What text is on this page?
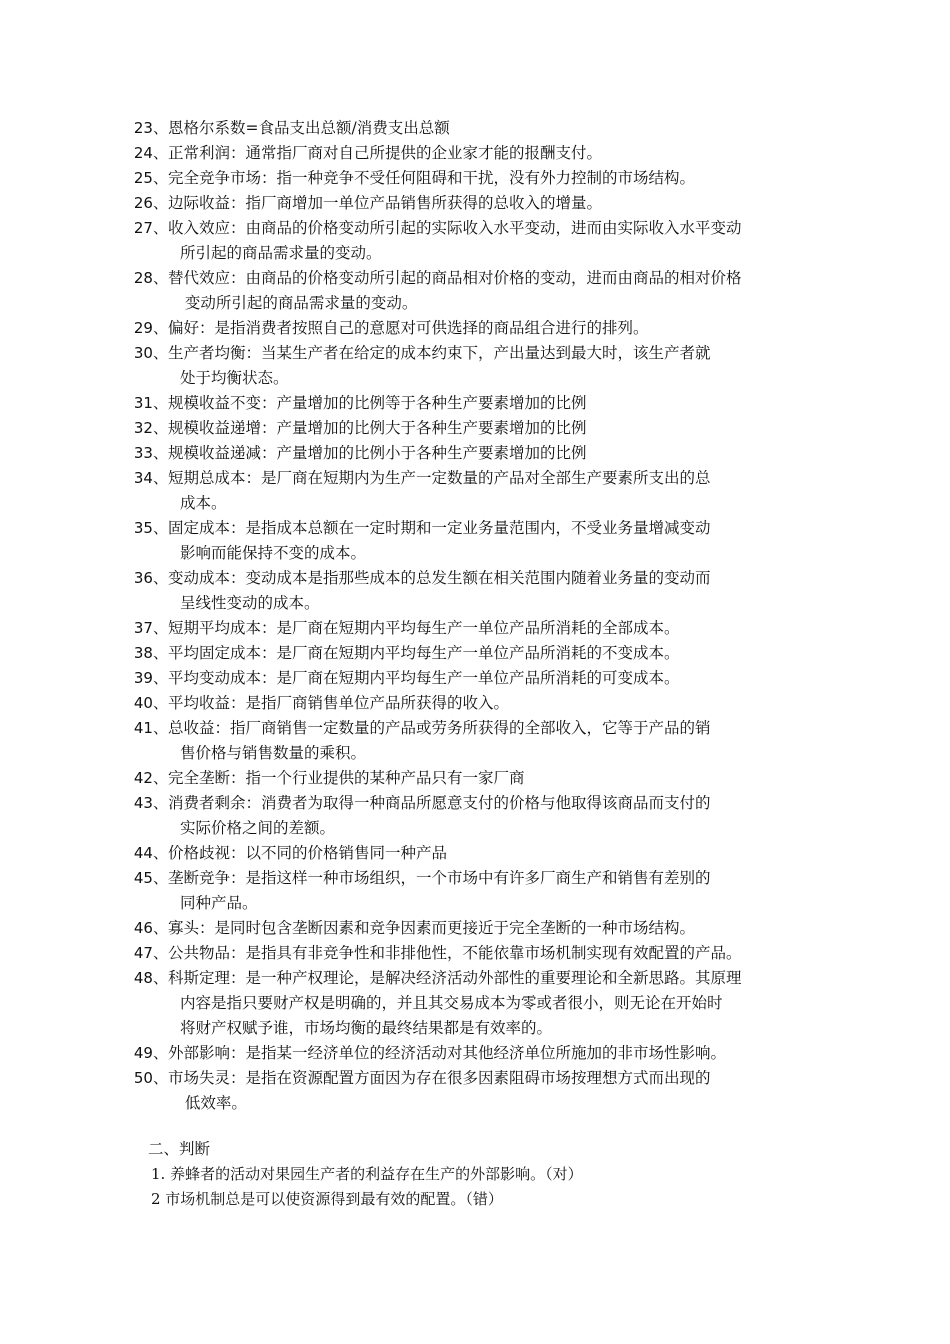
23、 恩格尔系数=食品支出总额/消费支出总额
24、 正常利润：通常指厂商对自己所提供的企业家才能的报酬支付。
25、 完全竞争市场：指一种竞争不受任何阻碍和干扰，没有外力控制的市场结构。
26、 边际收益：指厂商增加一单位产品销售所获得的总收入的增量。
27、 收入效应：由商品的价格变动所引起的实际收入水平变动，进而由实际收入水平变动
所引起的商品需求量的变动。
28、 替代效应：由商品的价格变动所引起的商品相对价格的变动，进而由商品的相对价格
变动所引起的商品需求量的变动。
29、 偏好：是指消费者按照自己的意愿对可供选择的商品组合进行的排列。
30、 生产者均衡：当某生产者在给定的成本约束下，产出量达到最大时，该生产者就
处于均衡状态。
31、 规模收益不变：产量增加的比例等于各种生产要素增加的比例
32、 规模收益递增：产量增加的比例大于各种生产要素增加的比例
33、 规模收益递减：产量增加的比例小于各种生产要素增加的比例
34、 短期总成本：是厂商在短期内为生产一定数量的产品对全部生产要素所支出的总
成本。
35、 固定成本：是指成本总额在一定时期和一定业务量范围内，不受业务量增减变动
影响而能保持不变的成本。
36、 变动成本：变动成本是指那些成本的总发生额在相关范围内随着业务量的变动而
呈线性变动的成本。
37、 短期平均成本：是厂商在短期内平均每生产一单位产品所消耗的全部成本。
38、 平均固定成本：是厂商在短期内平均每生产一单位产品所消耗的不变成本。
39、 平均变动成本：是厂商在短期内平均每生产一单位产品所消耗的可变成本。
40、 平均收益：是指厂商销售单位产品所获得的收入。
41、 总收益：指厂商销售一定数量的产品或劳务所获得的全部收入，它等于产品的销
售价格与销售数量的乘积。
42、 完全垄断：指一个行业提供的某种产品只有一家厂商
43、 消费者剩余：消费者为取得一种商品所愿意支付的价格与他取得该商品而支付的
实际价格之间的差额。
44、 价格歧视：以不同的价格销售同一种产品
45、 垄断竞争：是指这样一种市场组织，一个市场中有许多厂商生产和销售有差别的
同种产品。
46、 寡头：是同时包含垄断因素和竞争因素而更接近于完全垄断的一种市场结构。
47、 公共物品：是指具有非竞争性和非排他性，不能依靠市场机制实现有效配置的产品。
48、 科斯定理：是一种产权理论，是解决经济活动外部性的重要理论和全新思路。其原理
内容是指只要财产权是明确的，并且其交易成本为零或者很小，则无论在开始时
将财产权赋予谁，市场均衡的最终结果都是有效率的。
49、 外部影响：是指某一经济单位的经济活动对其他经济单位所施加的非市场性影响。
50、 市场失灵：是指在资源配置方面因为存在很多因素阻碍市场按理想方式而出现的
低效率。
二、判断
1. 养蜂者的活动对果园生产者的利益存在生产的外部影响。（对）
2 市场机制总是可以使资源得到最有效的配置。（错）
